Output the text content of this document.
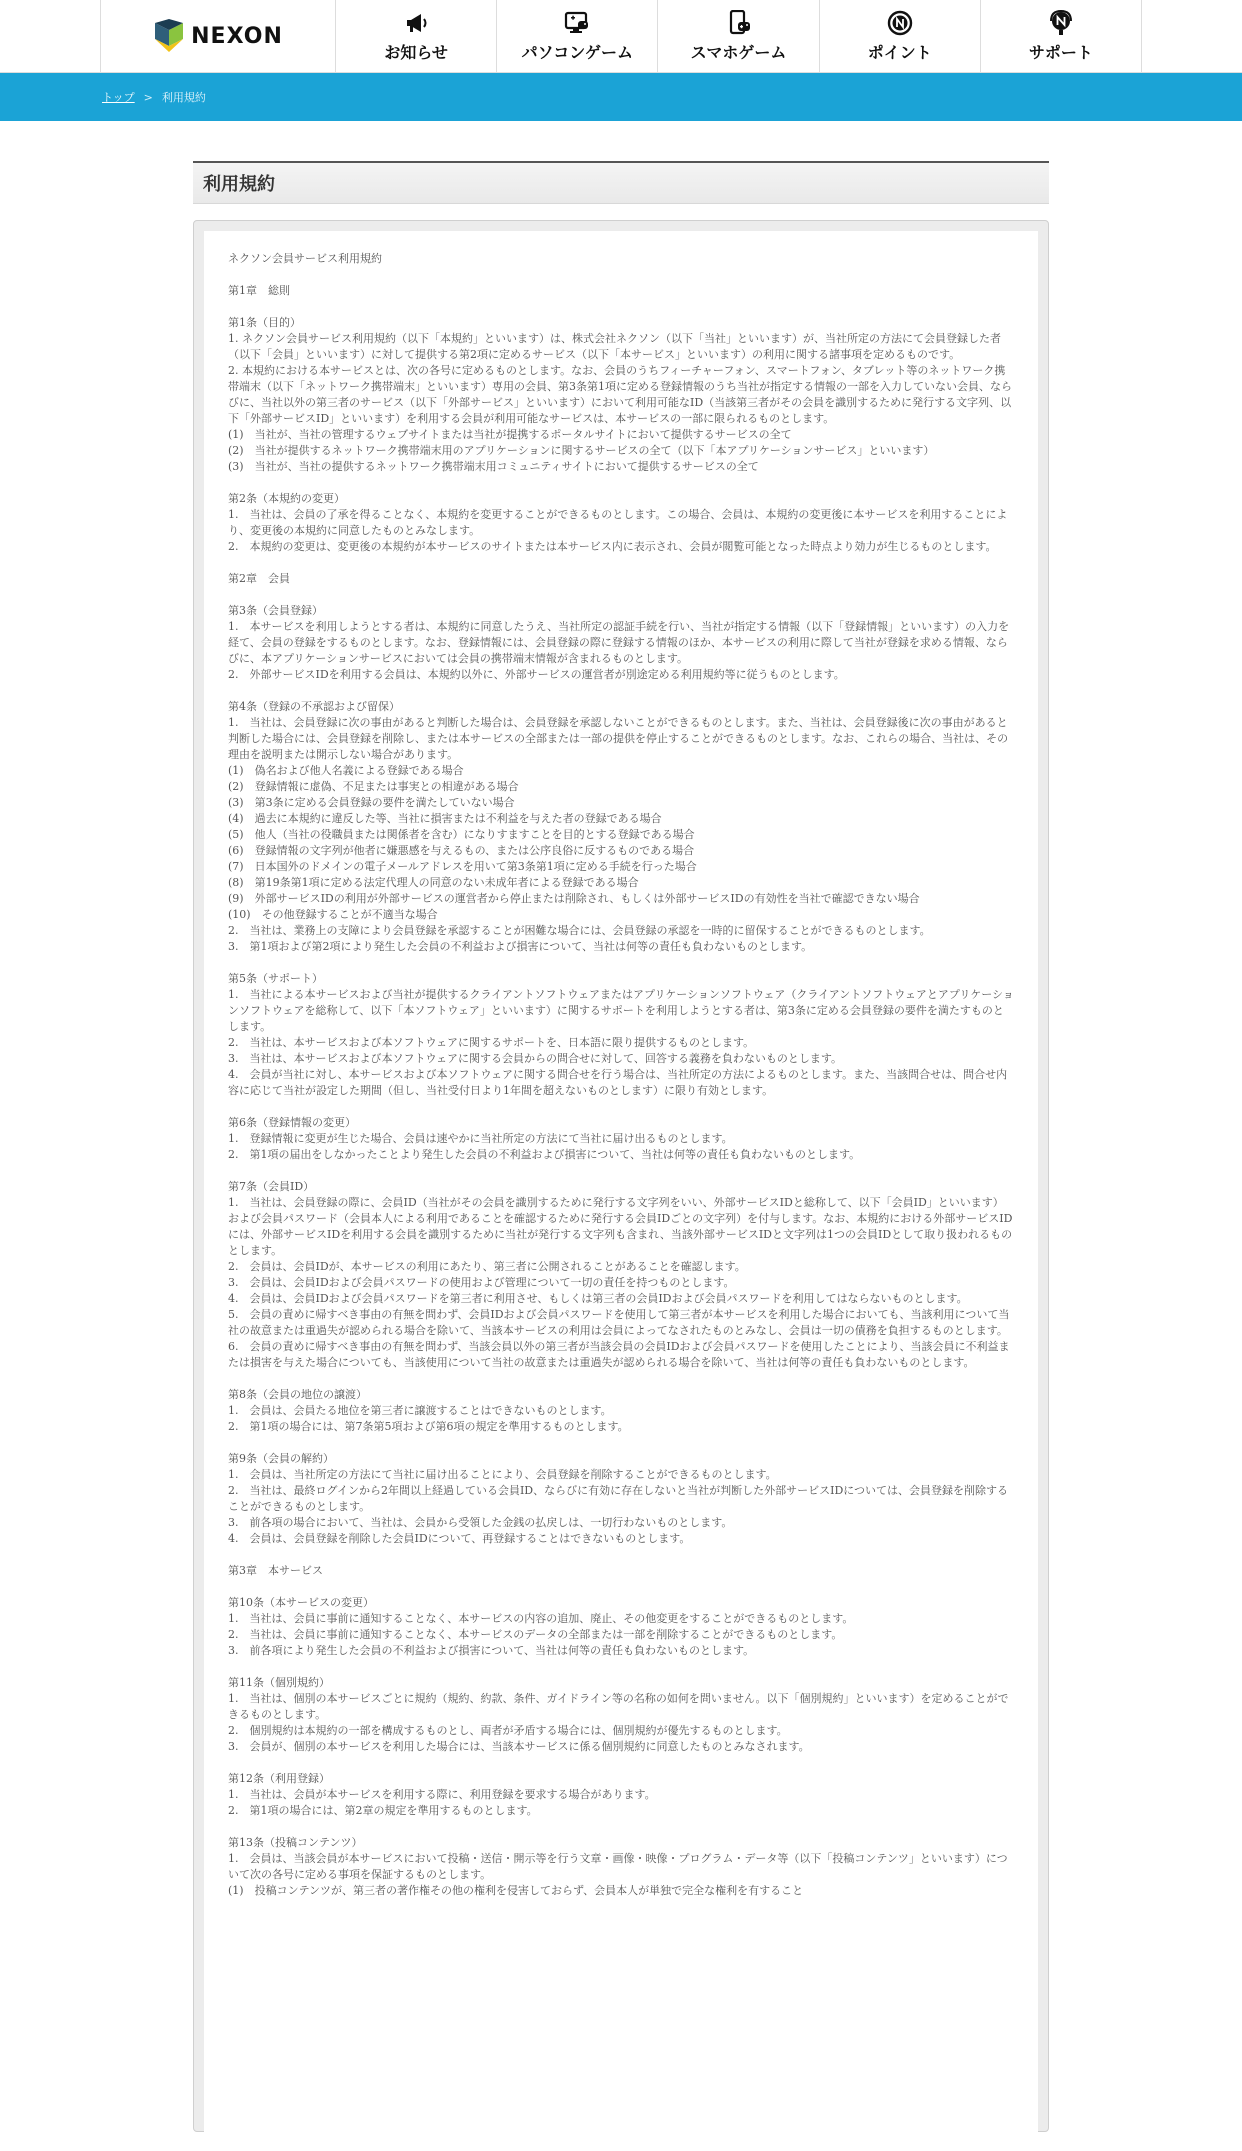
NEXON
お知らせ	パソコンゲーム	スマホゲーム	ポイント	サポート
トップ > 利用規約
利用規約

ネクソン会員サービス利用規約

第1章　総則

第1条（目的）

1. ネクソン会員サービス利用規約（以下「本規約」といいます）は、株式会社ネクソン（以下「当社」といいます）が、当社所定の方法にて会員登録した者（以下「会員」といいます）に対して提供する第2項に定めるサービス（以下「本サービス」といいます）の利用に関する諸事項を定めるものです。

2. 本規約における本サービスとは、次の各号に定めるものとします。なお、会員のうちフィーチャーフォン、スマートフォン、タブレット等のネットワーク携帯端末（以下「ネットワーク携帯端末」といいます）専用の会員、第3条第1項に定める登録情報のうち当社が指定する情報の一部を入力していない会員、ならびに、当社以外の第三者のサービス（以下「外部サービス」といいます）において利用可能なID（当該第三者がその会員を識別するために発行する文字列、以下「外部サービスID」といいます）を利用する会員が利用可能なサービスは、本サービスの一部に限られるものとします。

(1)　当社が、当社の管理するウェブサイトまたは当社が提携するポータルサイトにおいて提供するサービスの全て

(2)　当社が提供するネットワーク携帯端末用のアプリケーションに関するサービスの全て（以下「本アプリケーションサービス」といいます）

(3)　当社が、当社の提供するネットワーク携帯端末用コミュニティサイトにおいて提供するサービスの全て

第2条（本規約の変更）

1.　当社は、会員の了承を得ることなく、本規約を変更することができるものとします。この場合、会員は、本規約の変更後に本サービスを利用することにより、変更後の本規約に同意したものとみなします。

2.　本規約の変更は、変更後の本規約が本サービスのサイトまたは本サービス内に表示され、会員が閲覧可能となった時点より効力が生じるものとします。

第2章　会員

第3条（会員登録）

1.　本サービスを利用しようとする者は、本規約に同意したうえ、当社所定の認証手続を行い、当社が指定する情報（以下「登録情報」といいます）の入力を経て、会員の登録をするものとします。なお、登録情報には、会員登録の際に登録する情報のほか、本サービスの利用に際して当社が登録を求める情報、ならびに、本アプリケーションサービスにおいては会員の携帯端末情報が含まれるものとします。

2.　外部サービスIDを利用する会員は、本規約以外に、外部サービスの運営者が別途定める利用規約等に従うものとします。

第4条（登録の不承認および留保）

1.　当社は、会員登録に次の事由があると判断した場合は、会員登録を承認しないことができるものとします。また、当社は、会員登録後に次の事由があると判断した場合には、会員登録を削除し、または本サービスの全部または一部の提供を停止することができるものとします。なお、これらの場合、当社は、その理由を説明または開示しない場合があります。

(1)　偽名および他人名義による登録である場合

(2)　登録情報に虚偽、不足または事実との相違がある場合

(3)　第3条に定める会員登録の要件を満たしていない場合

(4)　過去に本規約に違反した等、当社に損害または不利益を与えた者の登録である場合

(5)　他人（当社の役職員または関係者を含む）になりすますことを目的とする登録である場合

(6)　登録情報の文字列が他者に嫌悪感を与えるもの、または公序良俗に反するものである場合

(7)　日本国外のドメインの電子メールアドレスを用いて第3条第1項に定める手続を行った場合

(8)　第19条第1項に定める法定代理人の同意のない未成年者による登録である場合

(9)　外部サービスIDの利用が外部サービスの運営者から停止または削除され、もしくは外部サービスIDの有効性を当社で確認できない場合

(10)　その他登録することが不適当な場合

2.　当社は、業務上の支障により会員登録を承認することが困難な場合には、会員登録の承認を一時的に留保することができるものとします。

3.　第1項および第2項により発生した会員の不利益および損害について、当社は何等の責任も負わないものとします。

第5条（サポート）

1.　当社による本サービスおよび当社が提供するクライアントソフトウェアまたはアプリケーションソフトウェア（クライアントソフトウェアとアプリケーションソフトウェアを総称して、以下「本ソフトウェア」といいます）に関するサポートを利用しようとする者は、第3条に定める会員登録の要件を満たすものとします。

2.　当社は、本サービスおよび本ソフトウェアに関するサポートを、日本語に限り提供するものとします。

3.　当社は、本サービスおよび本ソフトウェアに関する会員からの問合せに対して、回答する義務を負わないものとします。

4.　会員が当社に対し、本サービスおよび本ソフトウェアに関する問合せを行う場合は、当社所定の方法によるものとします。また、当該問合せは、問合せ内容に応じて当社が設定した期間（但し、当社受付日より1年間を超えないものとします）に限り有効とします。

第6条（登録情報の変更）

1.　登録情報に変更が生じた場合、会員は速やかに当社所定の方法にて当社に届け出るものとします。

2.　第1項の届出をしなかったことより発生した会員の不利益および損害について、当社は何等の責任も負わないものとします。

第7条（会員ID）

1.　当社は、会員登録の際に、会員ID（当社がその会員を識別するために発行する文字列をいい、外部サービスIDと総称して、以下「会員ID」といいます）および会員パスワード（会員本人による利用であることを確認するために発行する会員IDごとの文字列）を付与します。なお、本規約における外部サービスIDには、外部サービスIDを利用する会員を識別するために当社が発行する文字列も含まれ、当該外部サービスIDと文字列は1つの会員IDとして取り扱われるものとします。

2.　会員は、会員IDが、本サービスの利用にあたり、第三者に公開されることがあることを確認します。

3.　会員は、会員IDおよび会員パスワードの使用および管理について一切の責任を持つものとします。

4.　会員は、会員IDおよび会員パスワードを第三者に利用させ、もしくは第三者の会員IDおよび会員パスワードを利用してはならないものとします。

5.　会員の責めに帰すべき事由の有無を問わず、会員IDおよび会員パスワードを使用して第三者が本サービスを利用した場合においても、当該利用について当社の故意または重過失が認められる場合を除いて、当該本サービスの利用は会員によってなされたものとみなし、会員は一切の債務を負担するものとします。

6.　会員の責めに帰すべき事由の有無を問わず、当該会員以外の第三者が当該会員の会員IDおよび会員パスワードを使用したことにより、当該会員に不利益または損害を与えた場合についても、当該使用について当社の故意または重過失が認められる場合を除いて、当社は何等の責任も負わないものとします。

第8条（会員の地位の譲渡）

1.　会員は、会員たる地位を第三者に譲渡することはできないものとします。

2.　第1項の場合には、第7条第5項および第6項の規定を準用するものとします。

第9条（会員の解約）

1.　会員は、当社所定の方法にて当社に届け出ることにより、会員登録を削除することができるものとします。

2.　当社は、最終ログインから2年間以上経過している会員ID、ならびに有効に存在しないと当社が判断した外部サービスIDについては、会員登録を削除することができるものとします。

3.　前各項の場合において、当社は、会員から受領した金銭の払戻しは、一切行わないものとします。

4.　会員は、会員登録を削除した会員IDについて、再登録することはできないものとします。

第3章　本サービス

第10条（本サービスの変更）

1.　当社は、会員に事前に通知することなく、本サービスの内容の追加、廃止、その他変更をすることができるものとします。

2.　当社は、会員に事前に通知することなく、本サービスのデータの全部または一部を削除することができるものとします。

3.　前各項により発生した会員の不利益および損害について、当社は何等の責任も負わないものとします。

第11条（個別規約）

1.　当社は、個別の本サービスごとに規約（規約、約款、条件、ガイドライン等の名称の如何を問いません。以下「個別規約」といいます）を定めることができるものとします。

2.　個別規約は本規約の一部を構成するものとし、両者が矛盾する場合には、個別規約が優先するものとします。

3.　会員が、個別の本サービスを利用した場合には、当該本サービスに係る個別規約に同意したものとみなされます。

第12条（利用登録）

1.　当社は、会員が本サービスを利用する際に、利用登録を要求する場合があります。

2.　第1項の場合には、第2章の規定を準用するものとします。

第13条（投稿コンテンツ）

1.　会員は、当該会員が本サービスにおいて投稿・送信・開示等を行う文章・画像・映像・プログラム・データ等（以下「投稿コンテンツ」といいます）について次の各号に定める事項を保証するものとします。

(1)　投稿コンテンツが、第三者の著作権その他の権利を侵害しておらず、会員本人が単独で完全な権利を有すること
